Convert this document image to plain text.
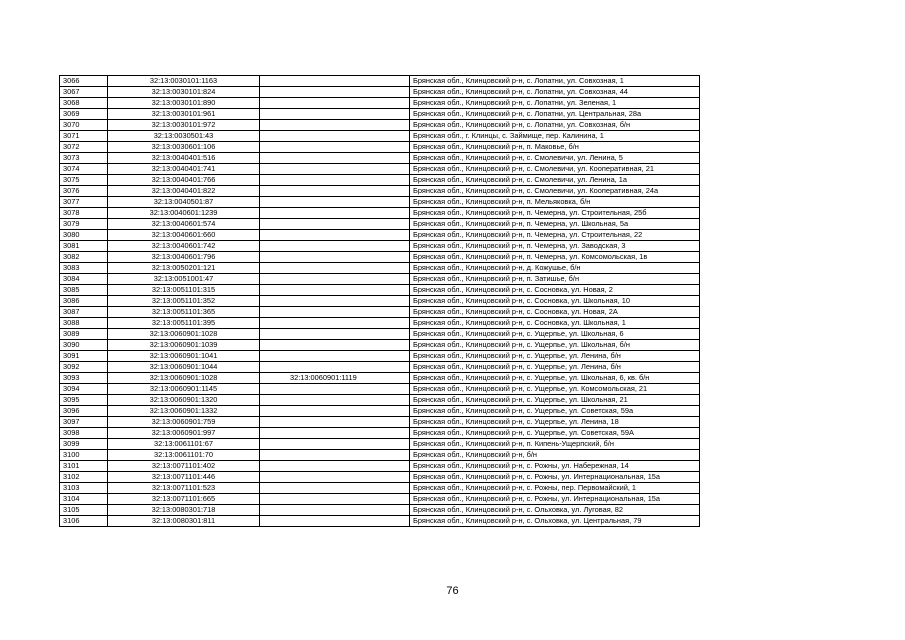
3066	32:13:0030101:1163		Брянская обл., Клинцовский р-н, с. Лопатни, ул. Совхозная, 1
3067	32:13:0030101:824		Брянская обл., Клинцовский р-н, с. Лопатни, ул. Совхозная, 44
3068	32:13:0030101:890		Брянская обл., Клинцовский р-н, с. Лопатни, ул. Зеленая, 1
3069	32:13:0030101:961		Брянская обл., Клинцовский р-н, с. Лопатни, ул. Центральная, 28а
3070	32:13:0030101:972		Брянская обл., Клинцовский р-н, с. Лопатни, ул. Совхозная, б/н
3071	32:13:0030501:43		Брянская обл., г. Клинцы, с. Займище, пер. Калинина, 1
3072	32:13:0030601:106		Брянская обл., Клинцовский р-н, п. Маковье, б/н
3073	32:13:0040401:516		Брянская обл., Клинцовский р-н, с. Смолевичи, ул. Ленина, 5
3074	32:13:0040401:741		Брянская обл., Клинцовский р-н, с. Смолевичи, ул. Кооперативная, 21
3075	32:13:0040401:766		Брянская обл., Клинцовский р-н, с. Смолевичи, ул. Ленина, 1а
3076	32:13:0040401:822		Брянская обл., Клинцовский р-н, с. Смолевичи, ул. Кооперативная, 24а
3077	32:13:0040501:87		Брянская обл., Клинцовский р-н, п. Мельяковка, б/н
3078	32:13:0040601:1239		Брянская обл., Клинцовский р-н, п. Чемерна, ул. Строительная, 25б
3079	32:13:0040601:574		Брянская обл., Клинцовский р-н, п. Чемерна, ул. Школьная, 5а
3080	32:13:0040601:660		Брянская обл., Клинцовский р-н, п. Чемерна, ул. Строительная, 22
3081	32:13:0040601:742		Брянская обл., Клинцовский р-н, п. Чемерна, ул. Заводская, 3
3082	32:13:0040601:796		Брянская обл., Клинцовский р-н, п. Чемерна, ул. Комсомольская, 1в
3083	32:13:0050201:121		Брянская обл., Клинцовский р-н, д. Кожушье, б/н
3084	32:13:0051001:47		Брянская обл., Клинцовский р-н, п. Затишье, б/н
3085	32:13:0051101:315		Брянская обл., Клинцовский р-н, с. Сосновка, ул. Новая, 2
3086	32:13:0051101:352		Брянская обл., Клинцовский р-н, с. Сосновка, ул. Школьная, 10
3087	32:13:0051101:365		Брянская обл., Клинцовский р-н, с. Сосновка, ул. Новая, 2А
3088	32:13:0051101:395		Брянская обл., Клинцовский р-н, с. Сосновка, ул. Школьная, 1
3089	32:13:0060901:1028		Брянская обл., Клинцовский р-н, с. Ущерпье, ул. Школьная, 6
3090	32:13:0060901:1039		Брянская обл., Клинцовский р-н, с. Ущерпье, ул. Школьная, б/н
3091	32:13:0060901:1041		Брянская обл., Клинцовский р-н, с. Ущерпье, ул. Ленина, б/н
3092	32:13:0060901:1044		Брянская обл., Клинцовский р-н, с. Ущерпье, ул. Ленина, б/н
3093	32:13:0060901:1028	32:13:0060901:1119	Брянская обл., Клинцовский р-н, с. Ущерпье, ул. Школьная, 6, кв. б/н
3094	32:13:0060901:1145		Брянская обл., Клинцовский р-н, с. Ущерпье, ул. Комсомольская, 21
3095	32:13:0060901:1320		Брянская обл., Клинцовский р-н, с. Ущерпье, ул. Школьная, 21
3096	32:13:0060901:1332		Брянская обл., Клинцовский р-н, с. Ущерпье, ул. Советская, 59а
3097	32:13:0060901:759		Брянская обл., Клинцовский р-н, с. Ущерпье, ул. Ленина, 18
3098	32:13:0060901:997		Брянская обл., Клинцовский р-н, с. Ущерпье, ул. Советская, 59А
3099	32:13:0061101:67		Брянская обл., Клинцовский р-н, п. Кипень-Ущерпский, б/н
3100	32:13:0061101:70		Брянская обл., Клинцовский р-н, б/н
3101	32:13:0071101:402		Брянская обл., Клинцовский р-н, с. Рожны, ул. Набережная, 14
3102	32:13:0071101:446		Брянская обл., Клинцовский р-н, с. Рожны, ул. Интернациональная, 15а
3103	32:13:0071101:523		Брянская обл., Клинцовский р-н, с. Рожны, пер. Первомайский, 1
3104	32:13:0071101:665		Брянская обл., Клинцовский р-н, с. Рожны, ул. Интернациональная, 15а
3105	32:13:0080301:718		Брянская обл., Клинцовский р-н, с. Ольховка, ул. Луговая, 82
3106	32:13:0080301:811		Брянская обл., Клинцовский р-н, с. Ольховка, ул. Центральная, 79
76
